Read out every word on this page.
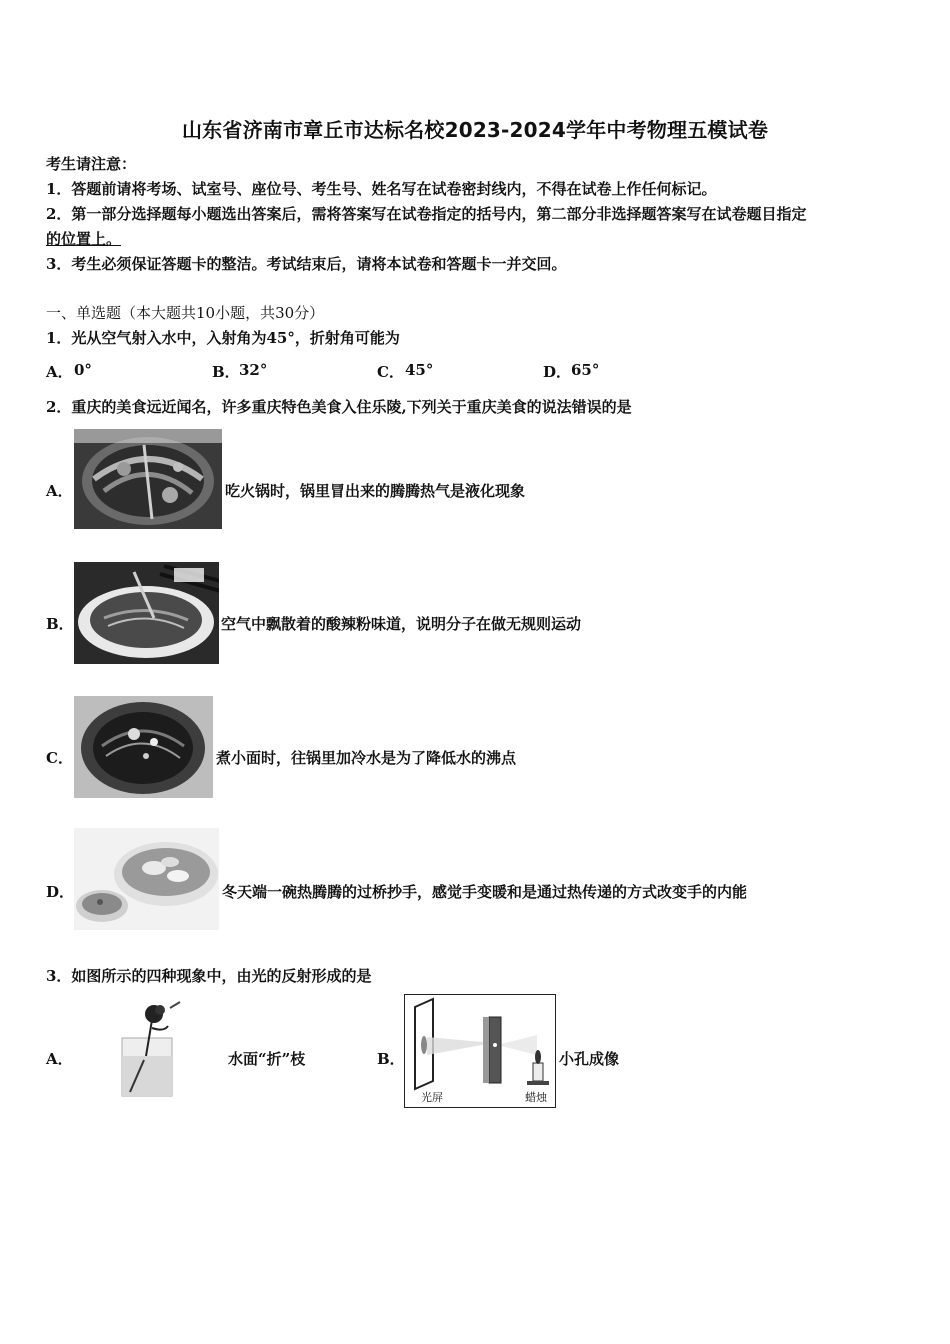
山东省济南市章丘市达标名校2023-2024学年中考物理五模试卷
考生请注意：
1．答题前请将考场、试室号、座位号、考生号、姓名写在试卷密封线内，不得在试卷上作任何标记。
2．第一部分选择题每小题选出答案后，需将答案写在试卷指定的括号内，第二部分非选择题答案写在试卷题目指定
的位置上。
3．考生必须保证答题卡的整洁。考试结束后，请将本试卷和答题卡一并交回。
一、单选题（本大题共10小题，共30分）
1．光从空气射入水中，入射角为45°，折射角可能为
A． 0°	B． 32°	C． 45°	D． 65°
2．重庆的美食远近闻名，许多重庆特色美食入住乐陵,下列关于重庆美食的说法错误的是
A．	吃火锅时，锅里冒出来的腾腾热气是液化现象
B．	空气中飘散着的酸辣粉味道，说明分子在做无规则运动
C．	煮小面时，往锅里加冷水是为了降低水的沸点
D．	冬天端一碗热腾腾的过桥抄手，感觉手变暖和是通过热传递的方式改变手的内能
3．如图所示的四种现象中，由光的反射形成的是
A．	水面“折”枝	B．
光屏	蜡烛
小孔成像
